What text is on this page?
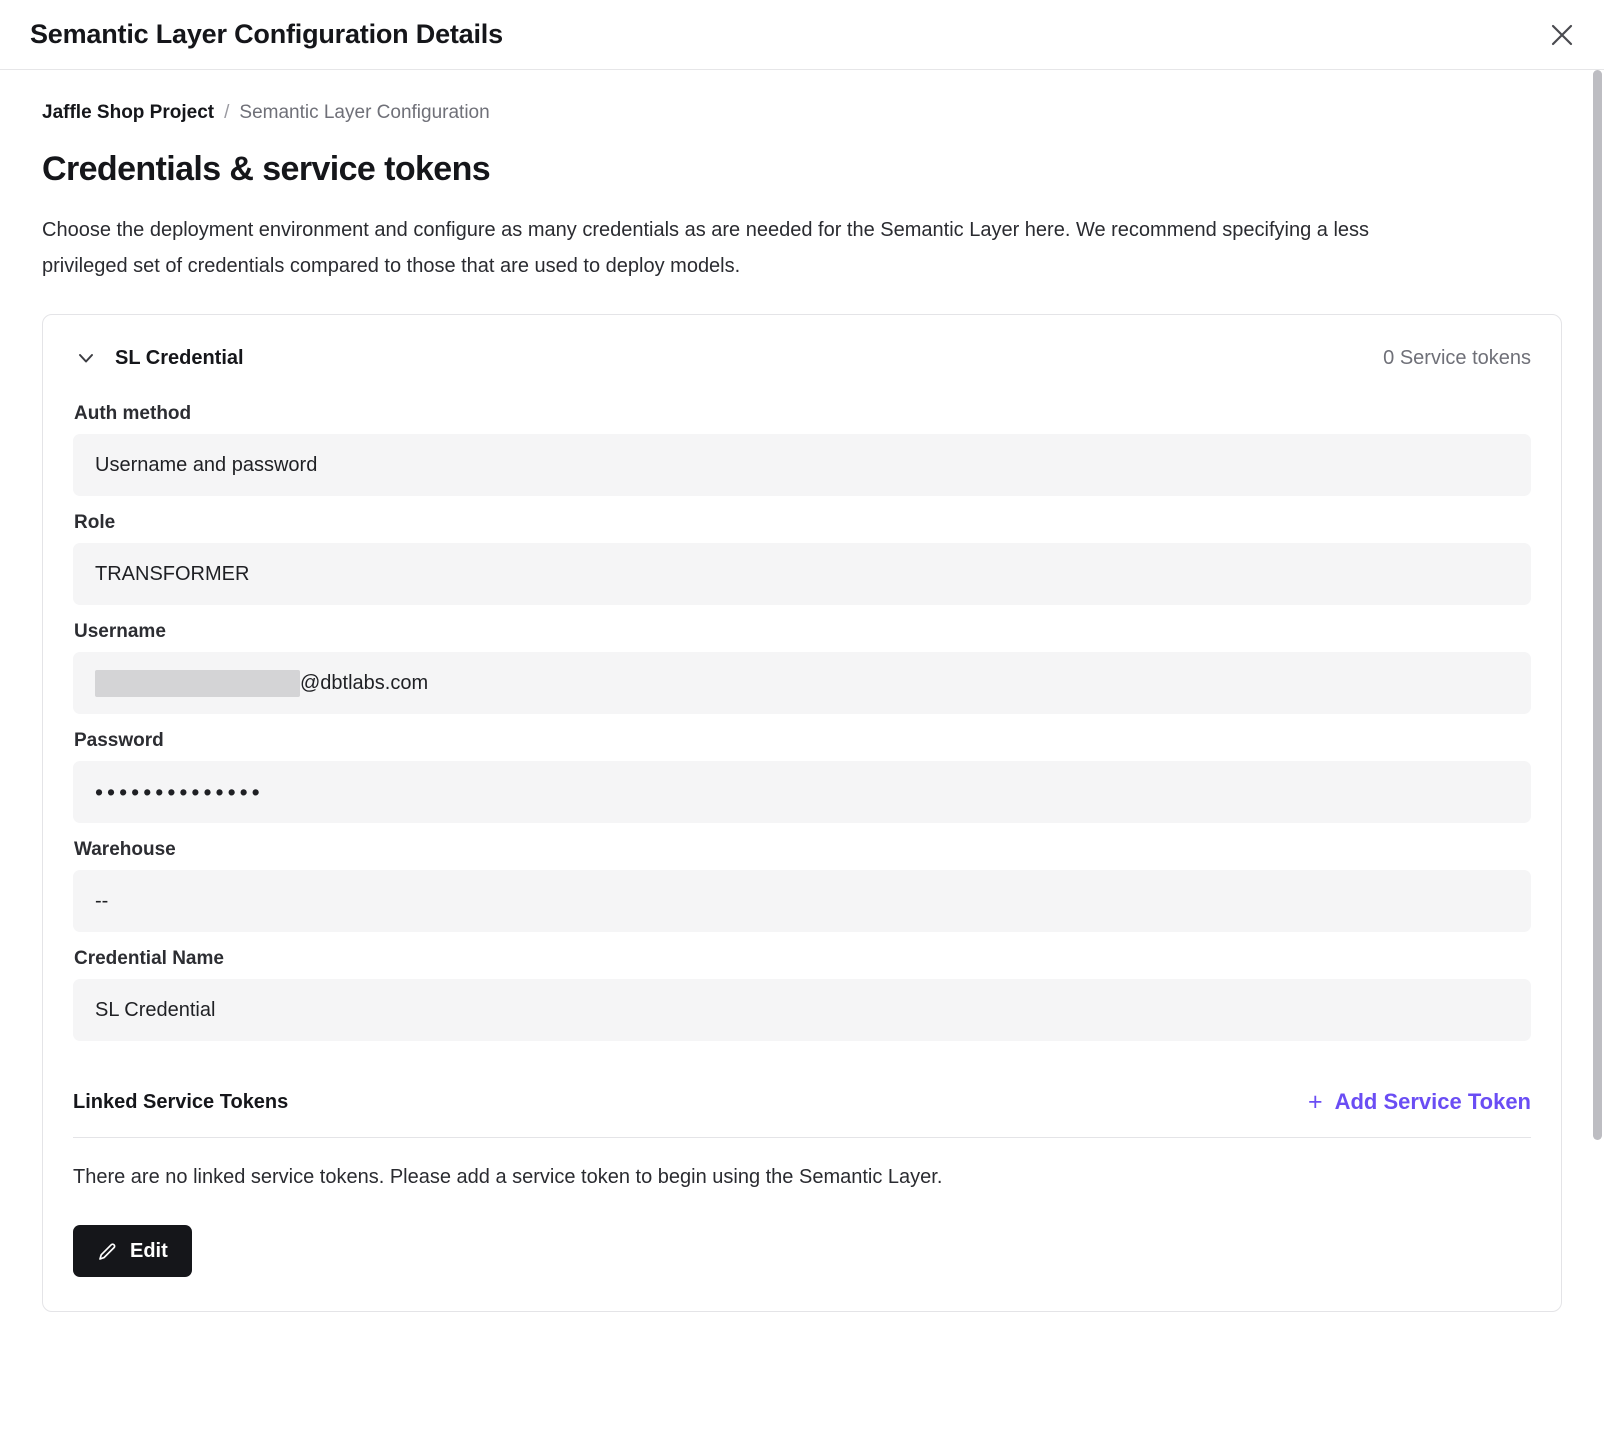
Semantic Layer Configuration Details
Jaffle Shop Project / Semantic Layer Configuration
Credentials & service tokens

Choose the deployment environment and configure as many credentials as are needed for the Semantic Layer here. We recommend specifying a less privileged set of credentials compared to those that are used to deploy models.

SL Credential	0 Service tokens
Auth method
Username and password
Role
TRANSFORMER
Username
@dbtlabs.com
Password
••••••••••••••
Warehouse
--
Credential Name
SL Credential
Linked Service Tokens	+ Add Service Token
There are no linked service tokens. Please add a service token to begin using the Semantic Layer.
Edit
